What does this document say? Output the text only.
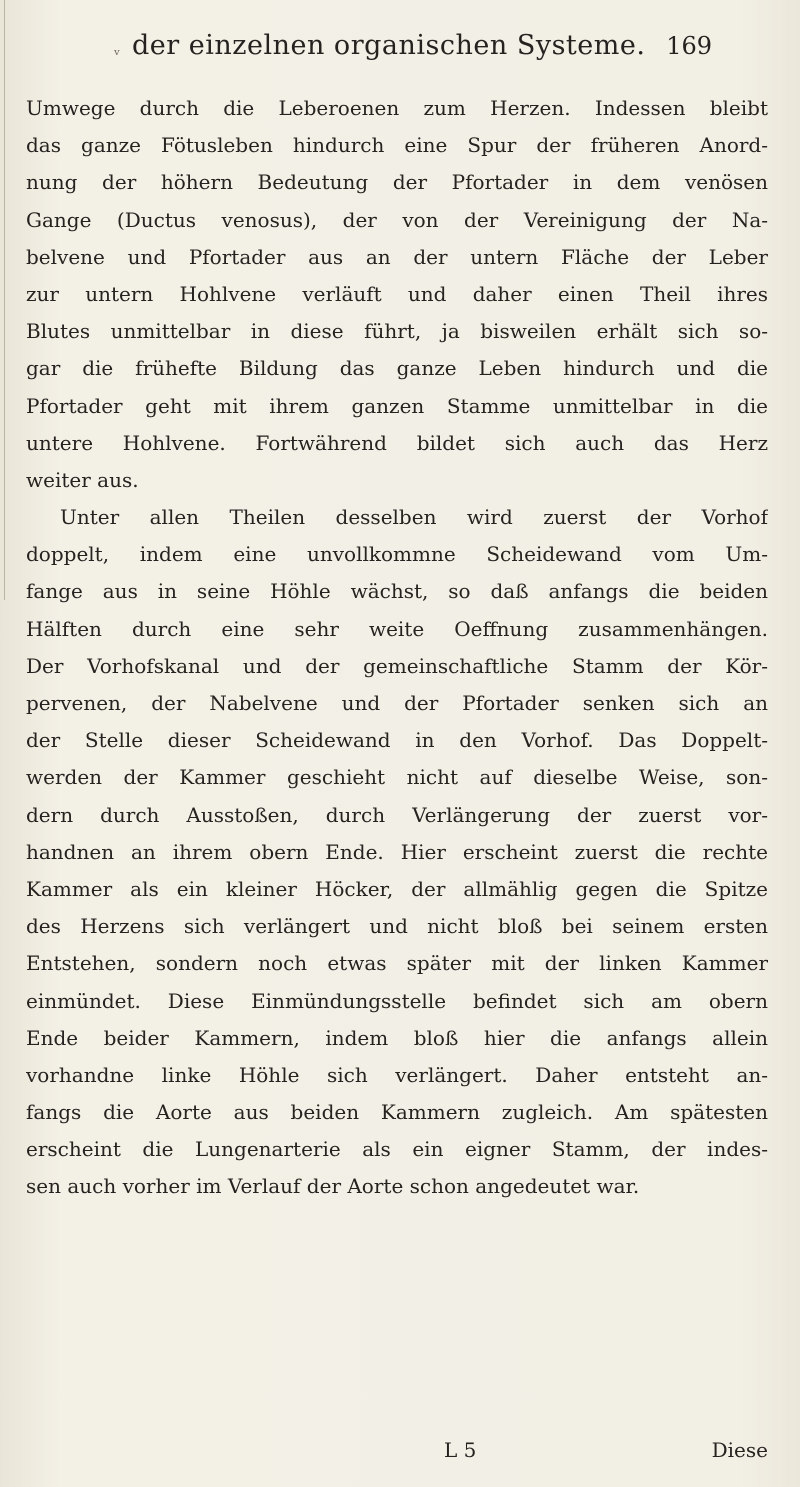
ᵥ der einzelnen organischen Systeme. 169
Umwege durch die Leberoenen zum Herzen. Indessen bleibt
das ganze Fötusleben hindurch eine Spur der früheren Anord-
nung der höhern Bedeutung der Pfortader in dem venösen
Gange (Ductus venosus), der von der Vereinigung der Na-
belvene und Pfortader aus an der untern Fläche der Leber
zur untern Hohlvene verläuft und daher einen Theil ihres
Blutes unmittelbar in diese führt, ja bisweilen erhält sich so-
gar die frühefte Bildung das ganze Leben hindurch und die
Pfortader geht mit ihrem ganzen Stamme unmittelbar in die
untere Hohlvene. Fortwährend bildet sich auch das Herz
weiter aus.
Unter allen Theilen desselben wird zuerst der Vorhof
doppelt, indem eine unvollkommne Scheidewand vom Um-
fange aus in seine Höhle wächst, so daß anfangs die beiden
Hälften durch eine sehr weite Oeffnung zusammenhängen.
Der Vorhofskanal und der gemeinschaftliche Stamm der Kör-
pervenen, der Nabelvene und der Pfortader senken sich an
der Stelle dieser Scheidewand in den Vorhof. Das Doppelt-
werden der Kammer geschieht nicht auf dieselbe Weise, son-
dern durch Ausstoßen, durch Verlängerung der zuerst vor-
handnen an ihrem obern Ende. Hier erscheint zuerst die rechte
Kammer als ein kleiner Höcker, der allmählig gegen die Spitze
des Herzens sich verlängert und nicht bloß bei seinem ersten
Entstehen, sondern noch etwas später mit der linken Kammer
einmündet. Diese Einmündungsstelle befindet sich am obern
Ende beider Kammern, indem bloß hier die anfangs allein
vorhandne linke Höhle sich verlängert. Daher entsteht an-
fangs die Aorte aus beiden Kammern zugleich. Am spätesten
erscheint die Lungenarterie als ein eigner Stamm, der indes-
sen auch vorher im Verlauf der Aorte schon angedeutet war.
L 5	Diese
